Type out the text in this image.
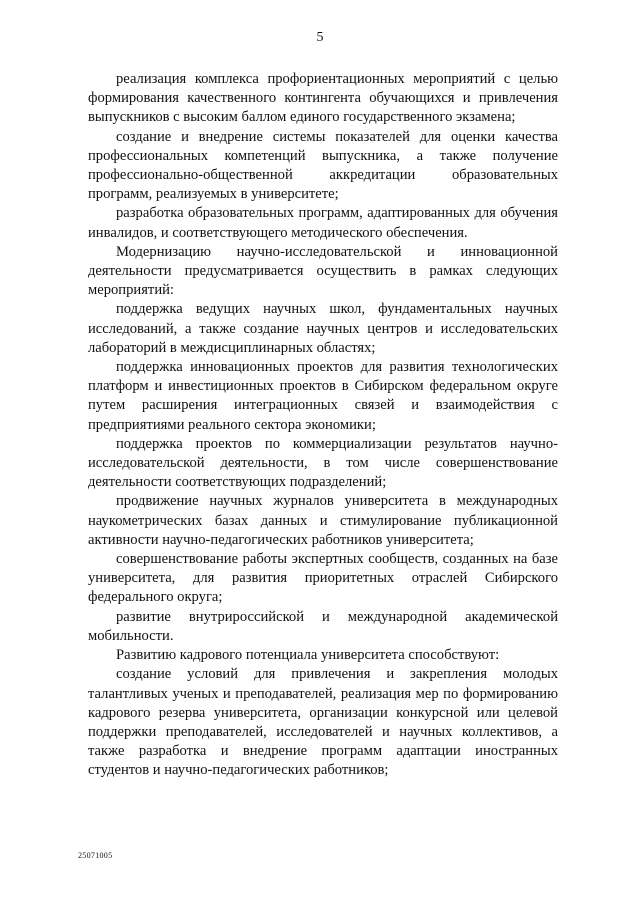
5

реализация комплекса профориентационных мероприятий с целью формирования качественного контингента обучающихся и привлечения выпускников с высоким баллом единого государственного экзамена;

создание и внедрение системы показателей для оценки качества профессиональных компетенций выпускника, а также получение профессионально-общественной аккредитации образовательных программ, реализуемых в университете;

разработка образовательных программ, адаптированных для обучения инвалидов, и соответствующего методического обеспечения.

Модернизацию научно-исследовательской и инновационной деятельности предусматривается осуществить в рамках следующих мероприятий:

поддержка ведущих научных школ, фундаментальных научных исследований, а также создание научных центров и исследовательских лабораторий в междисциплинарных областях;

поддержка инновационных проектов для развития технологических платформ и инвестиционных проектов в Сибирском федеральном округе путем расширения интеграционных связей и взаимодействия с предприятиями реального сектора экономики;

поддержка проектов по коммерциализации результатов научно-исследовательской деятельности, в том числе совершенствование деятельности соответствующих подразделений;

продвижение научных журналов университета в международных наукометрических базах данных и стимулирование публикационной активности научно-педагогических работников университета;

совершенствование работы экспертных сообществ, созданных на базе университета, для развития приоритетных отраслей Сибирского федерального округа;

развитие внутрироссийской и международной академической мобильности.

Развитию кадрового потенциала университета способствуют:

создание условий для привлечения и закрепления молодых талантливых ученых и преподавателей, реализация мер по формированию кадрового резерва университета, организации конкурсной или целевой поддержки преподавателей, исследователей и научных коллективов, а также разработка и внедрение программ адаптации иностранных студентов и научно-педагогических работников;

25071005
